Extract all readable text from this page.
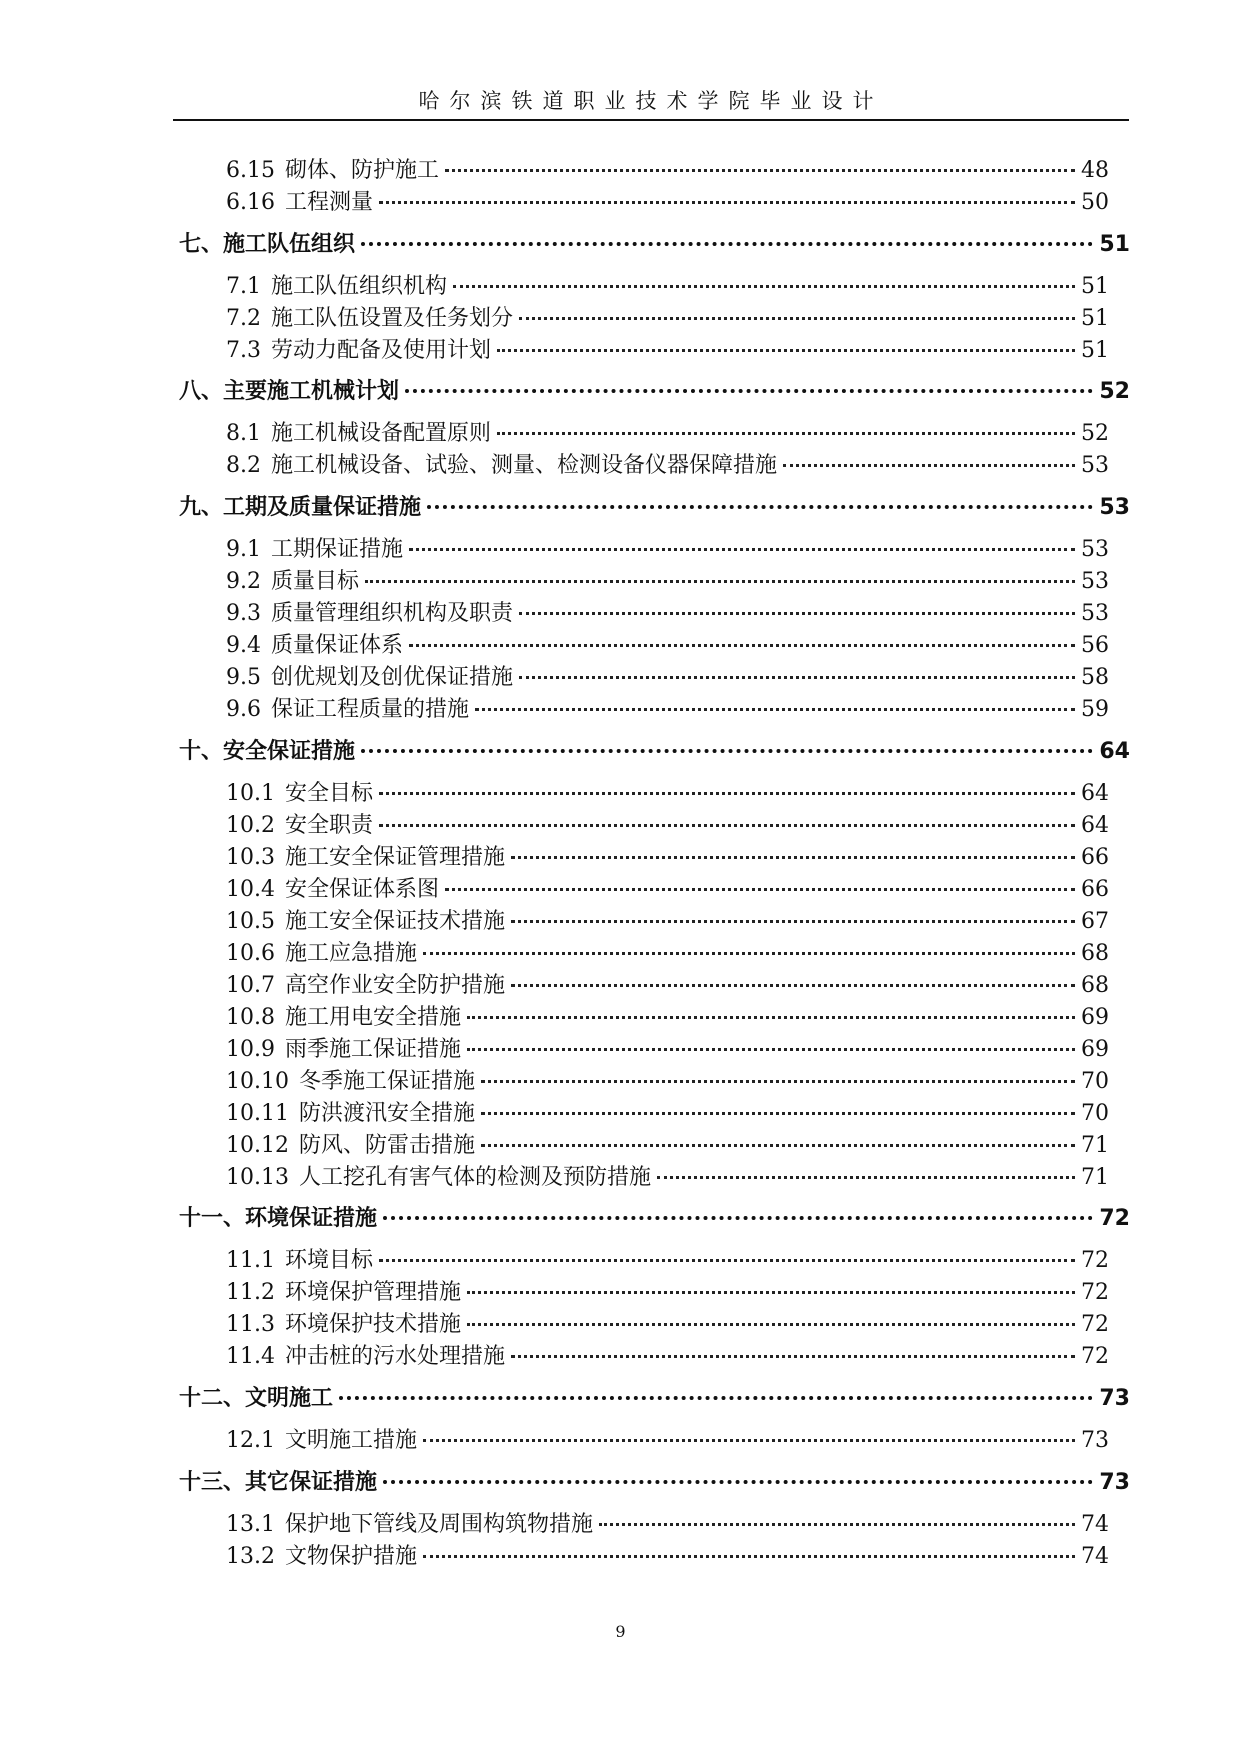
哈尔滨铁道职业技术学院毕业设计
6.15 砌体、防护施工	48
6.16 工程测量	50
七、施工队伍组织	51
7.1 施工队伍组织机构	51
7.2 施工队伍设置及任务划分	51
7.3 劳动力配备及使用计划	51
八、主要施工机械计划	52
8.1 施工机械设备配置原则	52
8.2 施工机械设备、试验、测量、检测设备仪器保障措施	53
九、工期及质量保证措施	53
9.1 工期保证措施	53
9.2 质量目标	53
9.3 质量管理组织机构及职责	53
9.4 质量保证体系	56
9.5 创优规划及创优保证措施	58
9.6 保证工程质量的措施	59
十、安全保证措施	64
10.1 安全目标	64
10.2 安全职责	64
10.3 施工安全保证管理措施	66
10.4 安全保证体系图	66
10.5 施工安全保证技术措施	67
10.6 施工应急措施	68
10.7 高空作业安全防护措施	68
10.8 施工用电安全措施	69
10.9 雨季施工保证措施	69
10.10 冬季施工保证措施	70
10.11 防洪渡汛安全措施	70
10.12 防风、防雷击措施	71
10.13 人工挖孔有害气体的检测及预防措施	71
十一、环境保证措施	72
11.1 环境目标	72
11.2 环境保护管理措施	72
11.3 环境保护技术措施	72
11.4 冲击桩的污水处理措施	72
十二、文明施工	73
12.1 文明施工措施	73
十三、其它保证措施	73
13.1 保护地下管线及周围构筑物措施	74
13.2 文物保护措施	74
9
